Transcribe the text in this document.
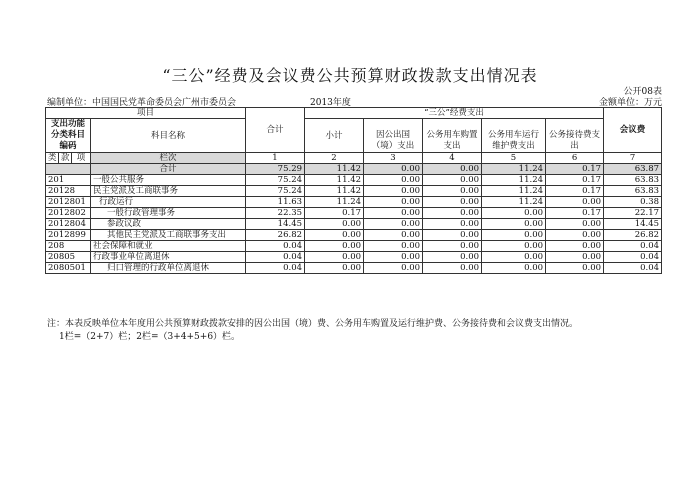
“三公”经费及会议费公共预算财政拨款支出情况表
公开08表
编制单位：中国国民党革命委员会广州市委员会	2013年度	金额单位：万元
项目				合计	“三公”经费支出					会议费
支出功能分类科目编码			科目名称		小计					
						因公出国（境）支出	公务用车购置支出	公务用车运行维护费支出	公务接待费支出	
类	款	项	栏次	1	2	3	4	5	6	7
			合计	75.29	11.42	0.00	0.00	11.24	0.17	63.87
201			一般公共服务	75.24	11.42	0.00	0.00	11.24	0.17	63.83
20128			民主党派及工商联事务	75.24	11.42	0.00	0.00	11.24	0.17	63.83
2012801			行政运行	11.63	11.24	0.00	0.00	11.24	0.00	0.38
2012802			一般行政管理事务	22.35	0.17	0.00	0.00	0.00	0.17	22.17
2012804			参政议政	14.45	0.00	0.00	0.00	0.00	0.00	14.45
2012899			其他民主党派及工商联事务支出	26.82	0.00	0.00	0.00	0.00	0.00	26.82
208			社会保障和就业	0.04	0.00	0.00	0.00	0.00	0.00	0.04
20805			行政事业单位离退休	0.04	0.00	0.00	0.00	0.00	0.00	0.04
2080501			归口管理的行政单位离退休	0.04	0.00	0.00	0.00	0.00	0.00	0.04
注：本表反映单位本年度用公共预算财政拨款安排的因公出国（境）费、公务用车购置及运行维护费、公务接待费和会议费支出情况。
1栏=（2+7）栏；2栏=（3+4+5+6）栏。
